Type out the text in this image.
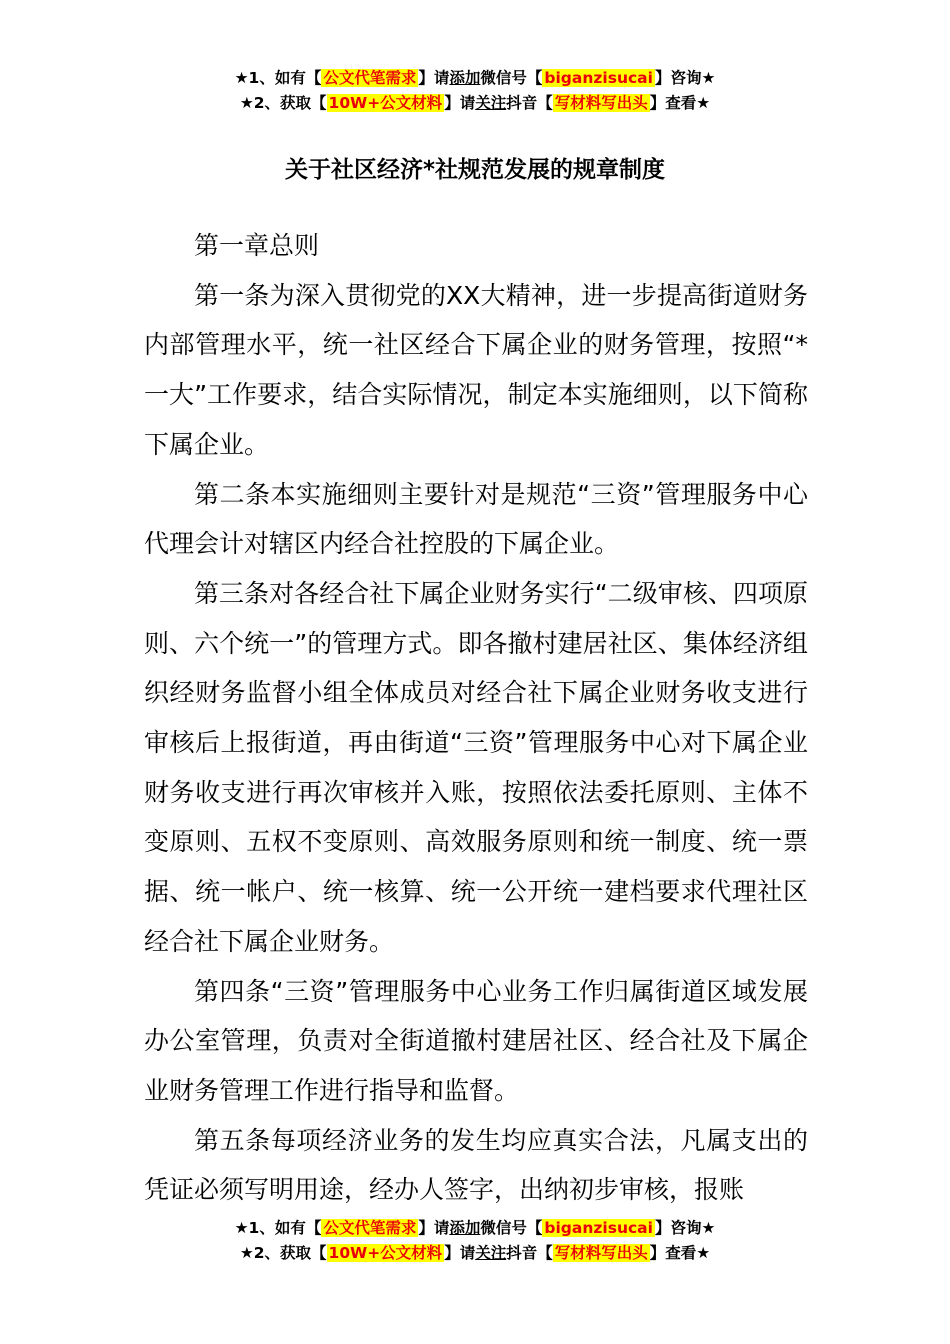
★1、如有【 公文代笔需求 】请添加微信号【 biganzisucai 】咨询★
★2、获取【 10W+公文材料 】请关注抖音【 写材料写出头 】查看★
关于社区经济*社规范发展的规章制度

第一章总则

第一条为深入贯彻党的XX大精神，进一步提高街道财务内部管理水平，统一社区经合下属企业的财务管理，按照“*一大”工作要求，结合实际情况，制定本实施细则，以下简称下属企业。

第二条本实施细则主要针对是规范“三资”管理服务中心代理会计对辖区内经合社控股的下属企业。

第三条对各经合社下属企业财务实行“二级审核、四项原则、六个统一”的管理方式。即各撤村建居社区、集体经济组织经财务监督小组全体成员对经合社下属企业财务收支进行审核后上报街道，再由街道“三资”管理服务中心对下属企业财务收支进行再次审核并入账，按照依法委托原则、主体不变原则、五权不变原则、高效服务原则和统一制度、统一票据、统一帐户、统一核算、统一公开统一建档要求代理社区经合社下属企业财务。

第四条“三资”管理服务中心业务工作归属街道区域发展办公室管理，负责对全街道撤村建居社区、经合社及下属企业财务管理工作进行指导和监督。

第五条每项经济业务的发生均应真实合法，凡属支出的凭证必须写明用途，经办人签字，出纳初步审核，报账

★1、如有【 公文代笔需求 】请添加微信号【 biganzisucai 】咨询★
★2、获取【 10W+公文材料 】请关注抖音【 写材料写出头 】查看★
